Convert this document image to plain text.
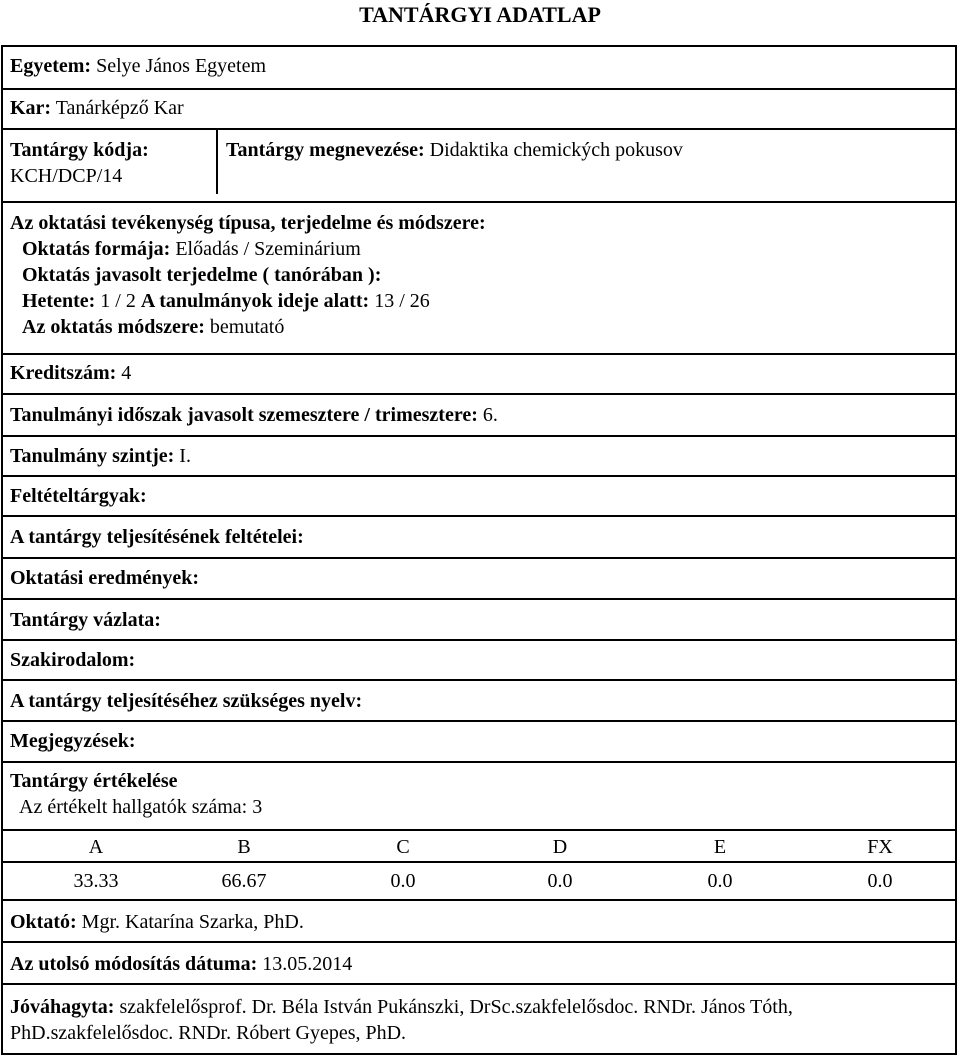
TANTÁRGYI ADATLAP
Egyetem: Selye János Egyetem
Kar: Tanárképző Kar
Tantárgy kódja:
KCH/DCP/14
Tantárgy megnevezése: Didaktika chemických pokusov
Az oktatási tevékenység típusa, terjedelme és módszere:
Oktatás formája: Előadás / Szeminárium
Oktatás javasolt terjedelme ( tanórában ):
Hetente: 1 / 2 A tanulmányok ideje alatt: 13 / 26
Az oktatás módszere: bemutató
Kreditszám: 4
Tanulmányi időszak javasolt szemesztere / trimesztere: 6.
Tanulmány szintje: I.
Feltételtárgyak:
A tantárgy teljesítésének feltételei:
Oktatási eredmények:
Tantárgy vázlata:
Szakirodalom:
A tantárgy teljesítéséhez szükséges nyelv:
Megjegyzések:
Tantárgy értékelése
Az értékelt hallgatók száma: 3
A	B	C	D	E	FX
33.33	66.67	0.0	0.0	0.0	0.0
Oktató: Mgr. Katarína Szarka, PhD.
Az utolsó módosítás dátuma: 13.05.2014
Jóváhagyta: szakfelelősprof. Dr. Béla István Pukánszki, DrSc.szakfelelősdoc. RNDr. János Tóth,
PhD.szakfelelősdoc. RNDr. Róbert Gyepes, PhD.
